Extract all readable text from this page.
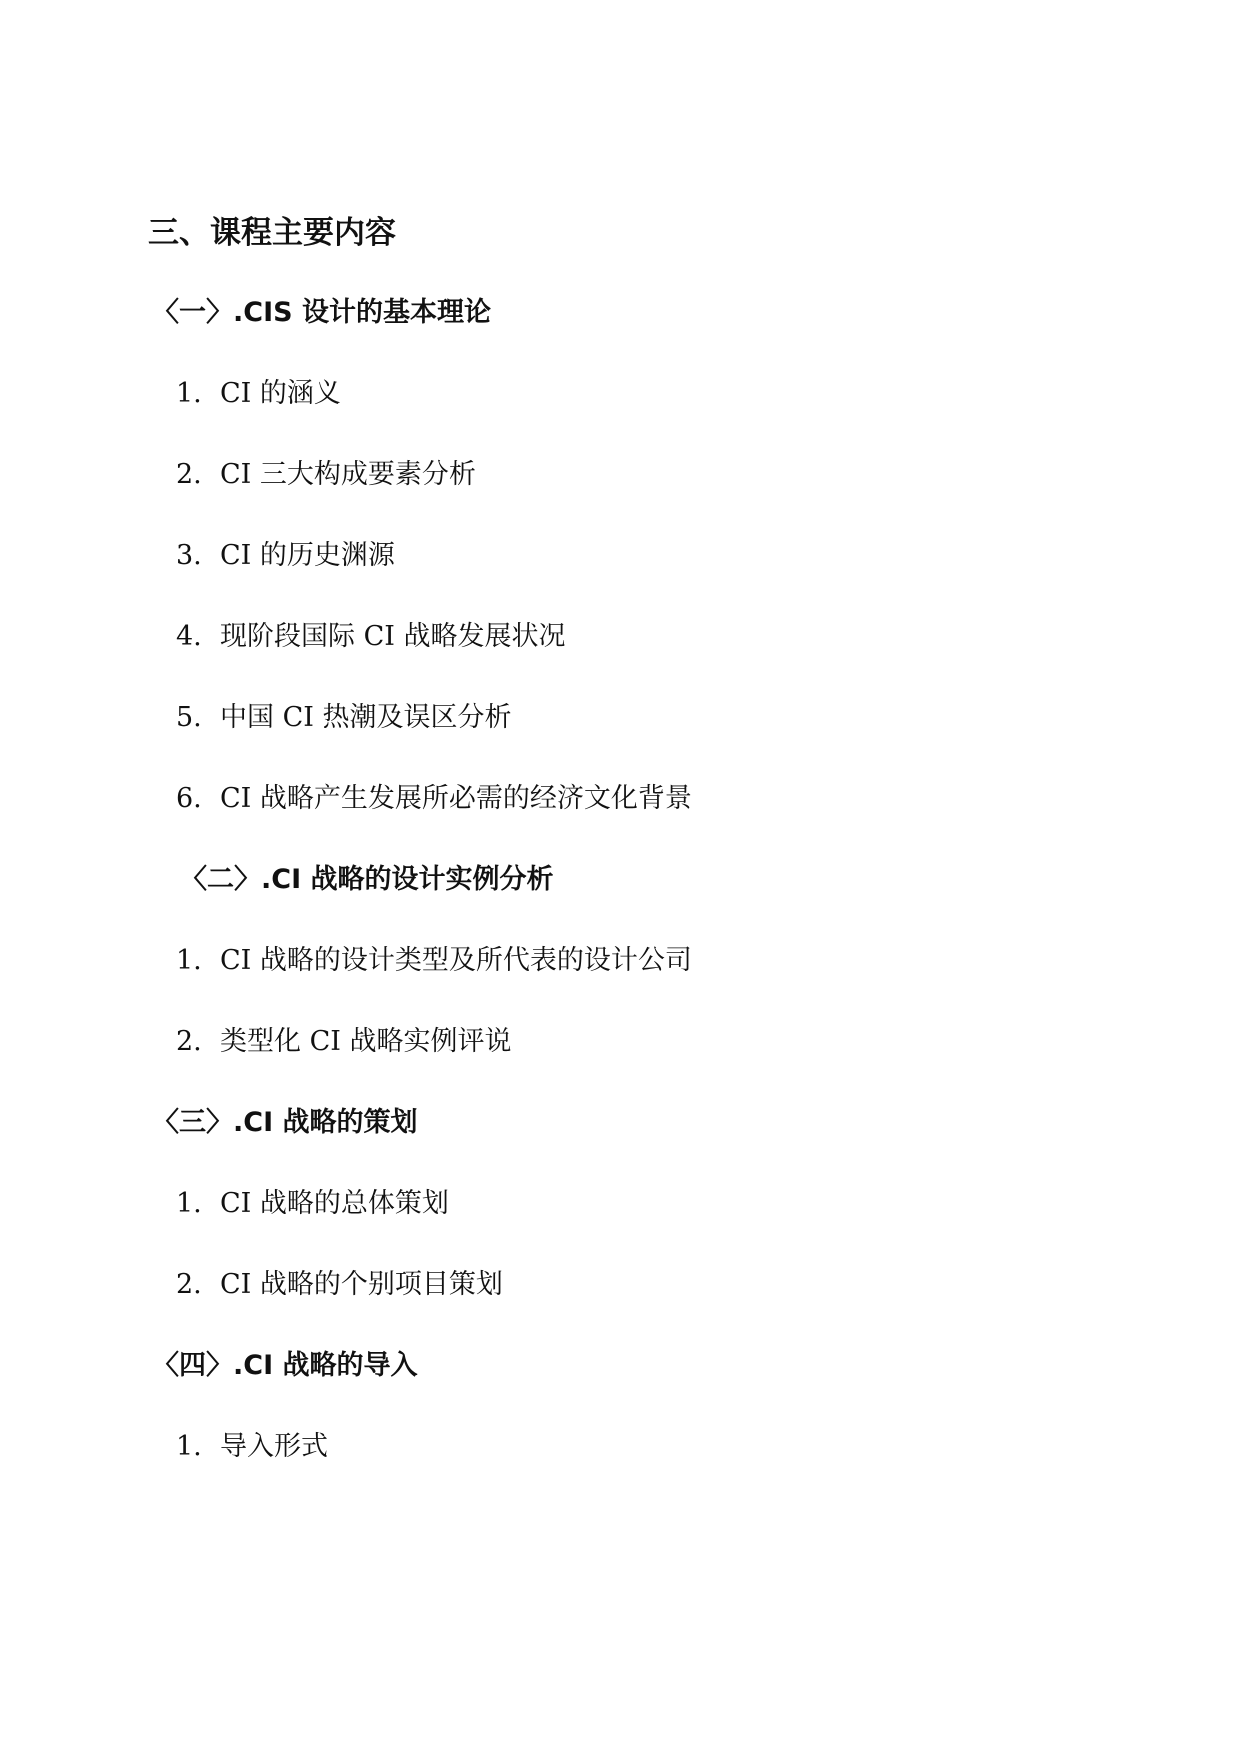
三、课程主要内容
〈一〉.CIS 设计的基本理论
1. CI 的涵义
2. CI 三大构成要素分析
3. CI 的历史渊源
4. 现阶段国际 CI 战略发展状况
5. 中国 CI 热潮及误区分析
6. CI 战略产生发展所必需的经济文化背景
〈二〉.CI 战略的设计实例分析
1. CI 战略的设计类型及所代表的设计公司
2. 类型化 CI 战略实例评说
〈三〉.CI 战略的策划
1. CI 战略的总体策划
2. CI 战略的个别项目策划
〈四〉.CI 战略的导入
1. 导入形式
